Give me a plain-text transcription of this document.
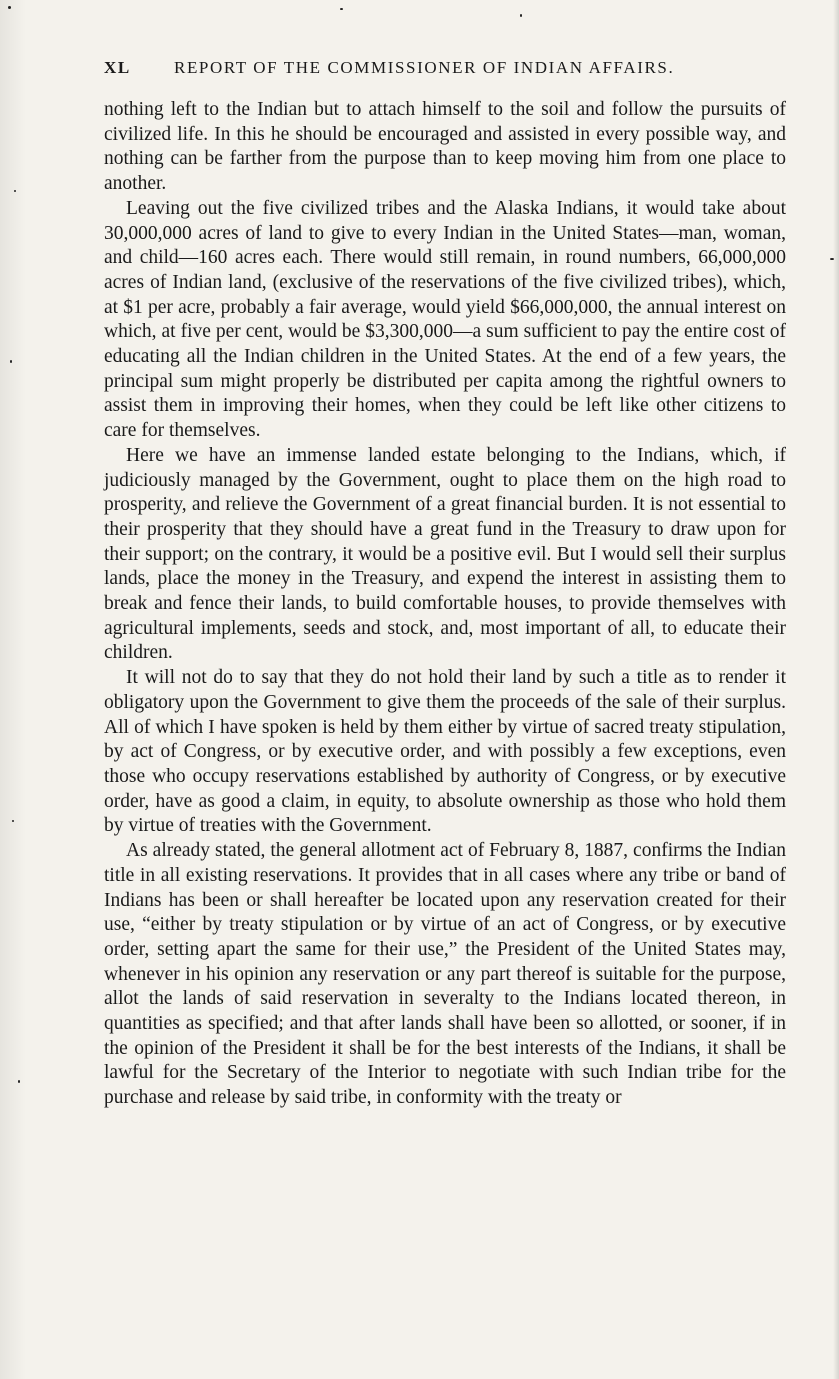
XL	REPORT OF THE COMMISSIONER OF INDIAN AFFAIRS.

nothing left to the Indian but to attach himself to the soil and follow the pursuits of civilized life. In this he should be encouraged and assisted in every possible way, and nothing can be farther from the purpose than to keep moving him from one place to another.

Leaving out the five civilized tribes and the Alaska Indians, it would take about 30,000,000 acres of land to give to every Indian in the United States—man, woman, and child—160 acres each. There would still remain, in round numbers, 66,000,000 acres of Indian land, (exclusive of the reservations of the five civilized tribes), which, at $1 per acre, probably a fair average, would yield $66,000,000, the annual interest on which, at five per cent, would be $3,300,000—a sum sufficient to pay the entire cost of educating all the Indian children in the United States. At the end of a few years, the principal sum might properly be distributed per capita among the rightful owners to assist them in improving their homes, when they could be left like other citizens to care for themselves.

Here we have an immense landed estate belonging to the Indians, which, if judiciously managed by the Government, ought to place them on the high road to prosperity, and relieve the Government of a great financial burden. It is not essential to their prosperity that they should have a great fund in the Treasury to draw upon for their support; on the contrary, it would be a positive evil. But I would sell their surplus lands, place the money in the Treasury, and expend the interest in assisting them to break and fence their lands, to build comfortable houses, to provide themselves with agricultural implements, seeds and stock, and, most important of all, to educate their children.

It will not do to say that they do not hold their land by such a title as to render it obligatory upon the Government to give them the proceeds of the sale of their surplus. All of which I have spoken is held by them either by virtue of sacred treaty stipulation, by act of Congress, or by executive order, and with possibly a few exceptions, even those who occupy reservations established by authority of Congress, or by executive order, have as good a claim, in equity, to absolute ownership as those who hold them by virtue of treaties with the Government.

As already stated, the general allotment act of February 8, 1887, confirms the Indian title in all existing reservations. It provides that in all cases where any tribe or band of Indians has been or shall hereafter be located upon any reservation created for their use, “either by treaty stipulation or by virtue of an act of Congress, or by executive order, setting apart the same for their use,” the President of the United States may, whenever in his opinion any reservation or any part thereof is suitable for the purpose, allot the lands of said reservation in severalty to the Indians located thereon, in quantities as specified; and that after lands shall have been so allotted, or sooner, if in the opinion of the President it shall be for the best interests of the Indians, it shall be lawful for the Secretary of the Interior to negotiate with such Indian tribe for the purchase and release by said tribe, in conformity with the treaty or
